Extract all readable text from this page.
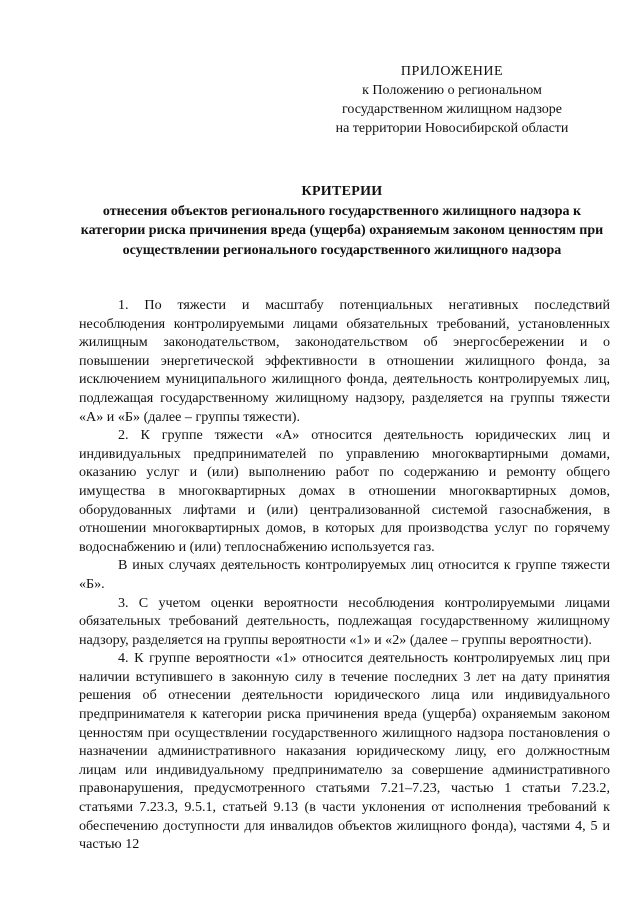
ПРИЛОЖЕНИЕ
к Положению о региональном
государственном жилищном надзоре
на территории Новосибирской области
КРИТЕРИИ
отнесения объектов регионального государственного жилищного надзора к категории риска причинения вреда (ущерба) охраняемым законом ценностям при осуществлении регионального государственного жилищного надзора

1. По тяжести и масштабу потенциальных негативных последствий несоблюдения контролируемыми лицами обязательных требований, установленных жилищным законодательством, законодательством об энергосбережении и о повышении энергетической эффективности в отношении жилищного фонда, за исключением муниципального жилищного фонда, деятельность контролируемых лиц, подлежащая государственному жилищному надзору, разделяется на группы тяжести «А» и «Б» (далее – группы тяжести).

2. К группе тяжести «А» относится деятельность юридических лиц и индивидуальных предпринимателей по управлению многоквартирными домами, оказанию услуг и (или) выполнению работ по содержанию и ремонту общего имущества в многоквартирных домах в отношении многоквартирных домов, оборудованных лифтами и (или) централизованной системой газоснабжения, в отношении многоквартирных домов, в которых для производства услуг по горячему водоснабжению и (или) теплоснабжению используется газ.

В иных случаях деятельность контролируемых лиц относится к группе тяжести «Б».

3. С учетом оценки вероятности несоблюдения контролируемыми лицами обязательных требований деятельность, подлежащая государственному жилищному надзору, разделяется на группы вероятности «1» и «2» (далее – группы вероятности).

4. К группе вероятности «1» относится деятельность контролируемых лиц при наличии вступившего в законную силу в течение последних 3 лет на дату принятия решения об отнесении деятельности юридического лица или индивидуального предпринимателя к категории риска причинения вреда (ущерба) охраняемым законом ценностям при осуществлении государственного жилищного надзора постановления о назначении административного наказания юридическому лицу, его должностным лицам или индивидуальному предпринимателю за совершение административного правонарушения, предусмотренного статьями 7.21–7.23, частью 1 статьи 7.23.2, статьями 7.23.3, 9.5.1, статьей 9.13 (в части уклонения от исполнения требований к обеспечению доступности для инвалидов объектов жилищного фонда), частями 4, 5 и частью 12
